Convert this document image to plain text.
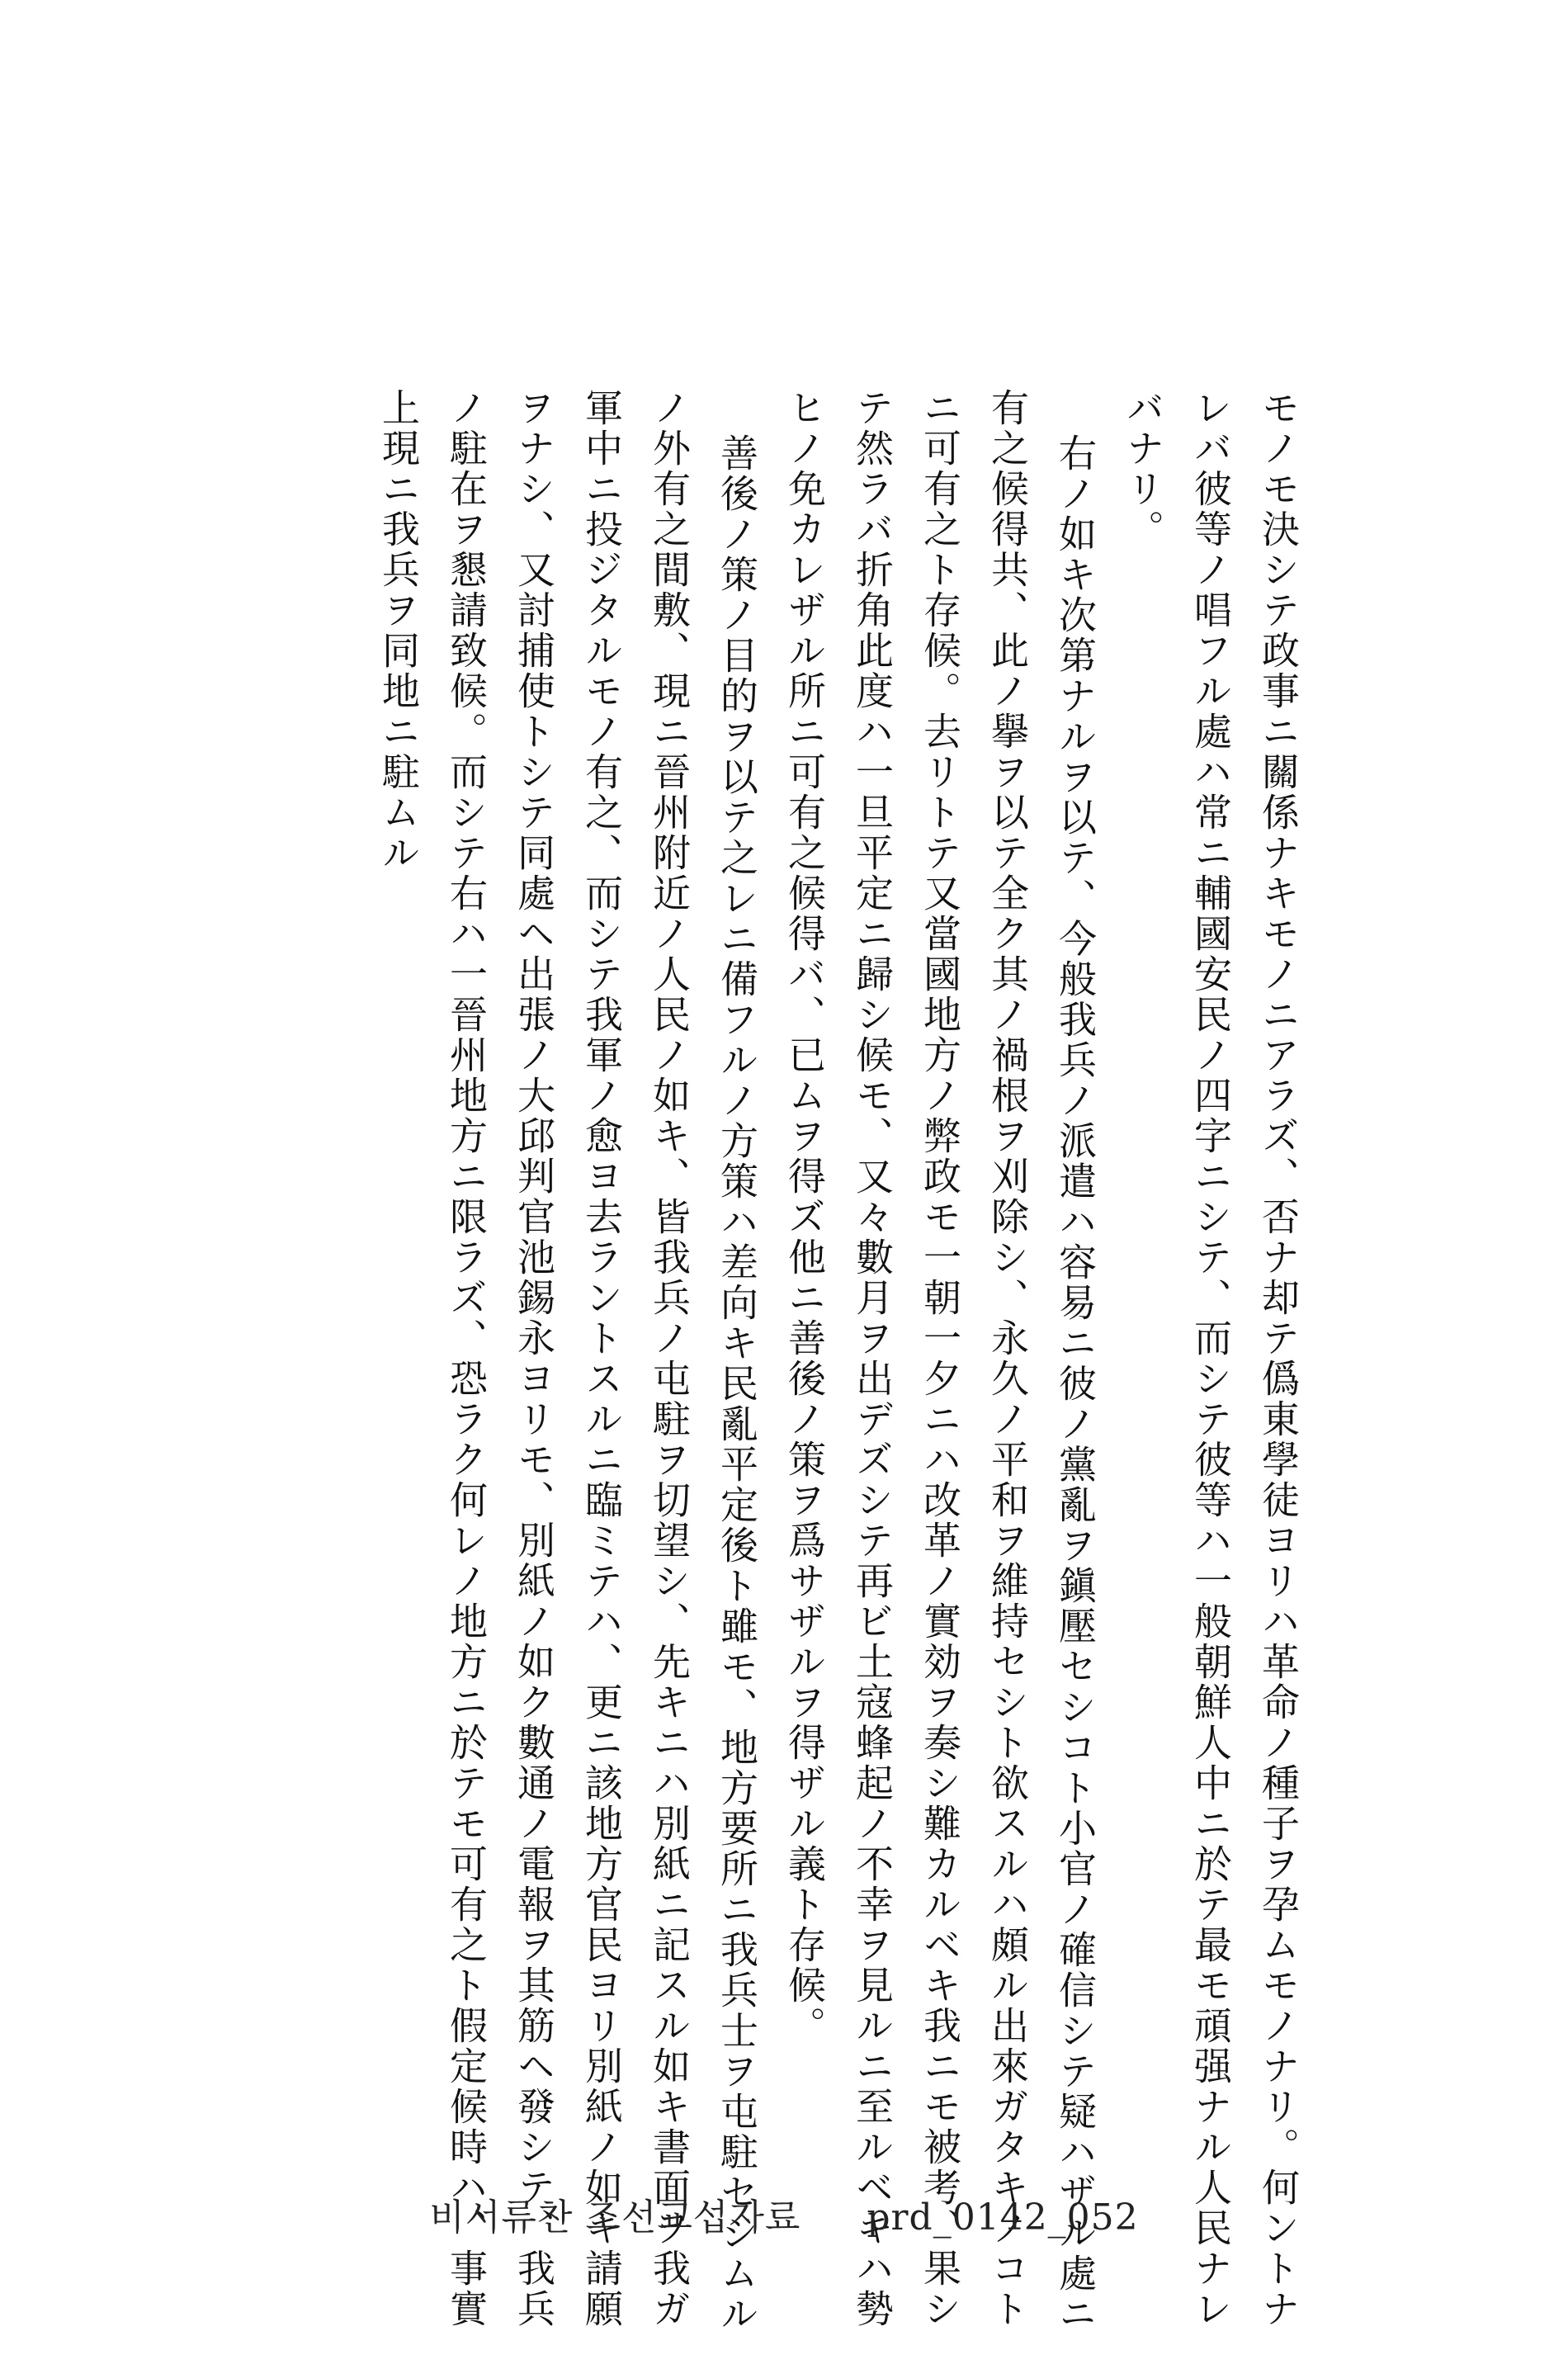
モノモ決シテ政事ニ關係ナキモノニアラズ、否ナ却テ僞東學徒ヨリハ革命ノ種子ヲ孕ムモノナリ。何ントナレバ彼等ノ唱フル處ハ常ニ輔國安民ノ四字ニシテ、而シテ彼等ハ一般朝鮮人中ニ於テ最モ頑强ナル人民ナレバナリ。

右ノ如キ次第ナルヲ以テ、今般我兵ノ派遣ハ容易ニ彼ノ黨亂ヲ鎭壓セシコト小官ノ確信シテ疑ハザル處ニ有之候得共、此ノ擧ヲ以テ全ク其ノ禍根ヲ刈除シ、永久ノ平和ヲ維持セシト欲スルハ頗ル出來ガタキノコトニ可有之ト存候。去リトテ又當國地方ノ弊政モ一朝一夕ニハ改革ノ實効ヲ奏シ難カルベキ我ニモ被考、果シテ然ラバ折角此度ハ一旦平定ニ歸シ候モ、又々數月ヲ出デズシテ再ビ土寇蜂起ノ不幸ヲ見ルニ至ルベキハ勢ヒノ免カレザル所ニ可有之候得バ、已ムヲ得ズ他ニ善後ノ策ヲ爲サザルヲ得ザル義ト存候。

善後ノ策ノ目的ヲ以テ之レニ備フルノ方策ハ差向キ民亂平定後ト雖モ、地方要所ニ我兵士ヲ屯駐セシムルノ外有之間敷、現ニ晉州附近ノ人民ノ如キ、皆我兵ノ屯駐ヲ切望シ、先キニハ別紙ニ記スル如キ書面ヲ我ガ軍中ニ投ジタルモノ有之、而シテ我軍ノ愈ヨ去ラントスルニ臨ミテハ、更ニ該地方官民ヨリ別紙ノ如キ請願ヲナシ、又討捕使トシテ同處ヘ出張ノ大邱判官池錫永ヨリモ、別紙ノ如ク數通ノ電報ヲ其筋ヘ發シテ、我兵ノ駐在ヲ懇請致候。而シテ右ハ一晉州地方ニ限ラズ、恐ラク何レノ地方ニ於テモ可有之ト假定候時ハ、事實上現ニ我兵ヲ同地ニ駐ムル

비서류찬 조선교섭자료 prd_0142_052
